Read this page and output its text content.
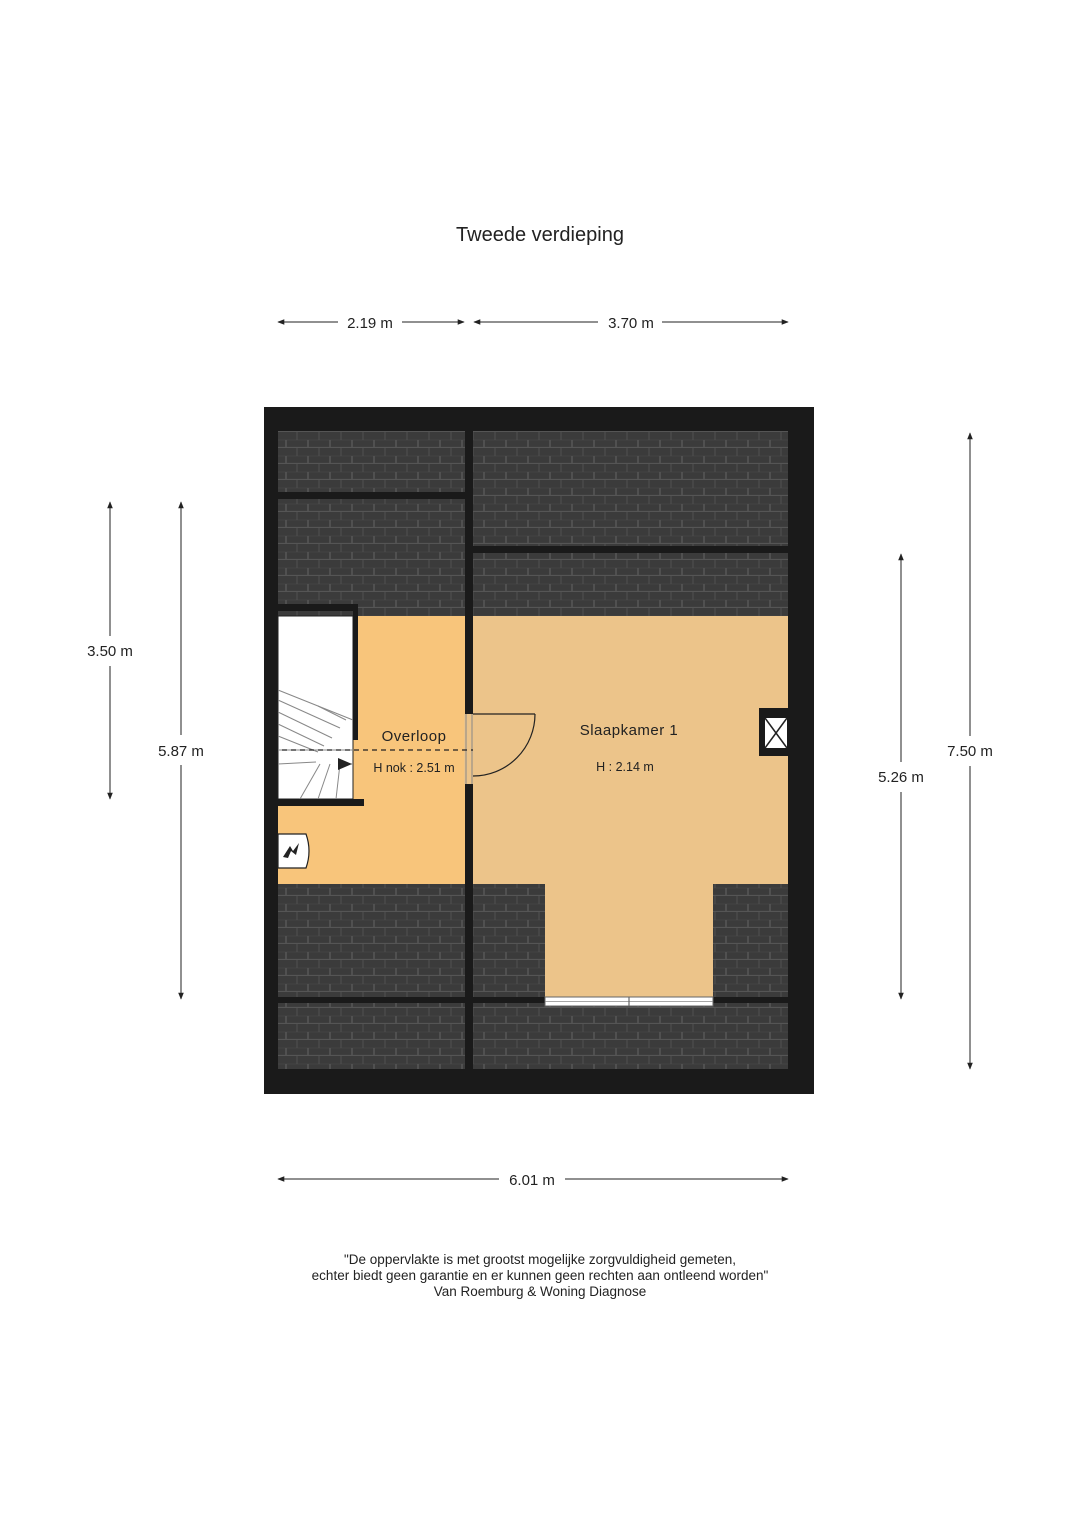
Tweede verdieping
Overloop
H nok : 2.51 m
Slaapkamer 1
H : 2.14 m
2.19 m	3.70 m
6.01 m
3.50 m
5.87 m
5.26 m
7.50 m
"De oppervlakte is met grootst mogelijke zorgvuldigheid gemeten,
echter biedt geen garantie en er kunnen geen rechten aan ontleend worden"
Van Roemburg & Woning Diagnose
